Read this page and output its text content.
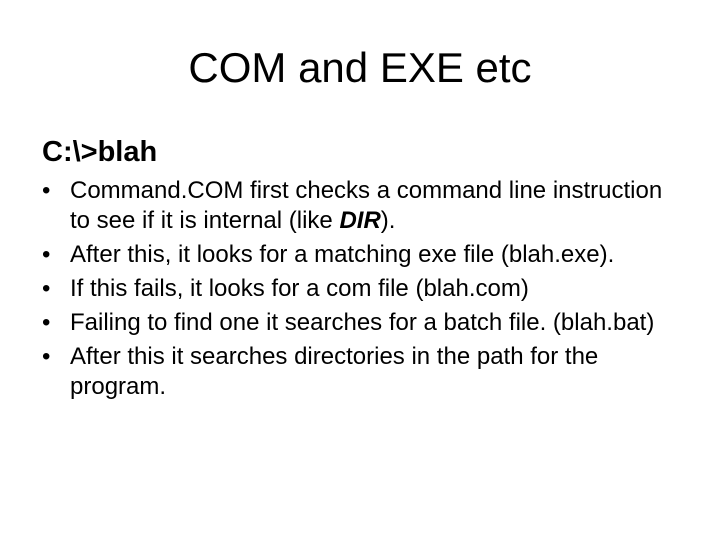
COM and EXE etc

C:\>blah

• Command.COM first checks a command line instruction to see if it is internal (like DIR).
• After this, it looks for a matching exe file (blah.exe).
• If this fails, it looks for a com file (blah.com)
• Failing to find one it searches for a batch file. (blah.bat)
• After this it searches directories in the path for the program.
